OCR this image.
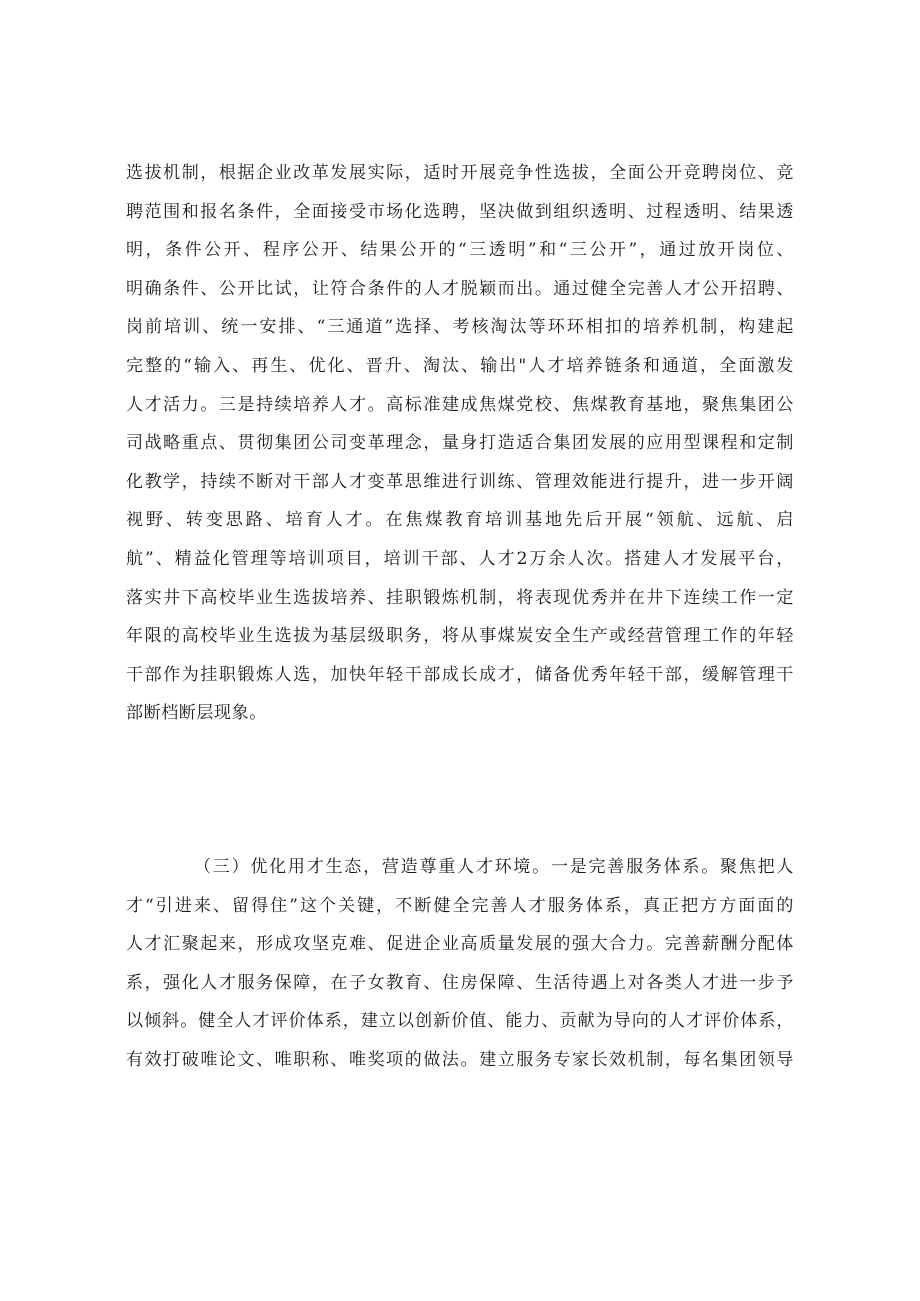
选拔机制，根据企业改革发展实际，适时开展竞争性选拔，全面公开竞聘岗位、竞
聘范围和报名条件，全面接受市场化选聘，坚决做到组织透明、过程透明、结果透
明，条件公开、程序公开、结果公开的“三透明”和“三公开”，通过放开岗位、
明确条件、公开比试，让符合条件的人才脱颖而出。通过健全完善人才公开招聘、
岗前培训、统一安排、“三通道”选择、考核淘汰等环环相扣的培养机制，构建起
完整的“输入、再生、优化、晋升、淘汰、输出"人才培养链条和通道，全面激发
人才活力。三是持续培养人才。高标准建成焦煤党校、焦煤教育基地，聚焦集团公
司战略重点、贯彻集团公司变革理念，量身打造适合集团发展的应用型课程和定制
化教学，持续不断对干部人才变革思维进行训练、管理效能进行提升，进一步开阔
视野、转变思路、培育人才。在焦煤教育培训基地先后开展“领航、远航、启
航”、精益化管理等培训项目，培训干部、人才2万余人次。搭建人才发展平台，
落实井下高校毕业生选拔培养、挂职锻炼机制，将表现优秀并在井下连续工作一定
年限的高校毕业生选拔为基层级职务，将从事煤炭安全生产或经营管理工作的年轻
干部作为挂职锻炼人选，加快年轻干部成长成才，储备优秀年轻干部，缓解管理干
部断档断层现象。
（三）优化用才生态，营造尊重人才环境。一是完善服务体系。聚焦把人
才“引进来、留得住”这个关键，不断健全完善人才服务体系，真正把方方面面的
人才汇聚起来，形成攻坚克难、促进企业高质量发展的强大合力。完善薪酬分配体
系，强化人才服务保障，在子女教育、住房保障、生活待遇上对各类人才进一步予
以倾斜。健全人才评价体系，建立以创新价值、能力、贡献为导向的人才评价体系，
有效打破唯论文、唯职称、唯奖项的做法。建立服务专家长效机制，每名集团领导
